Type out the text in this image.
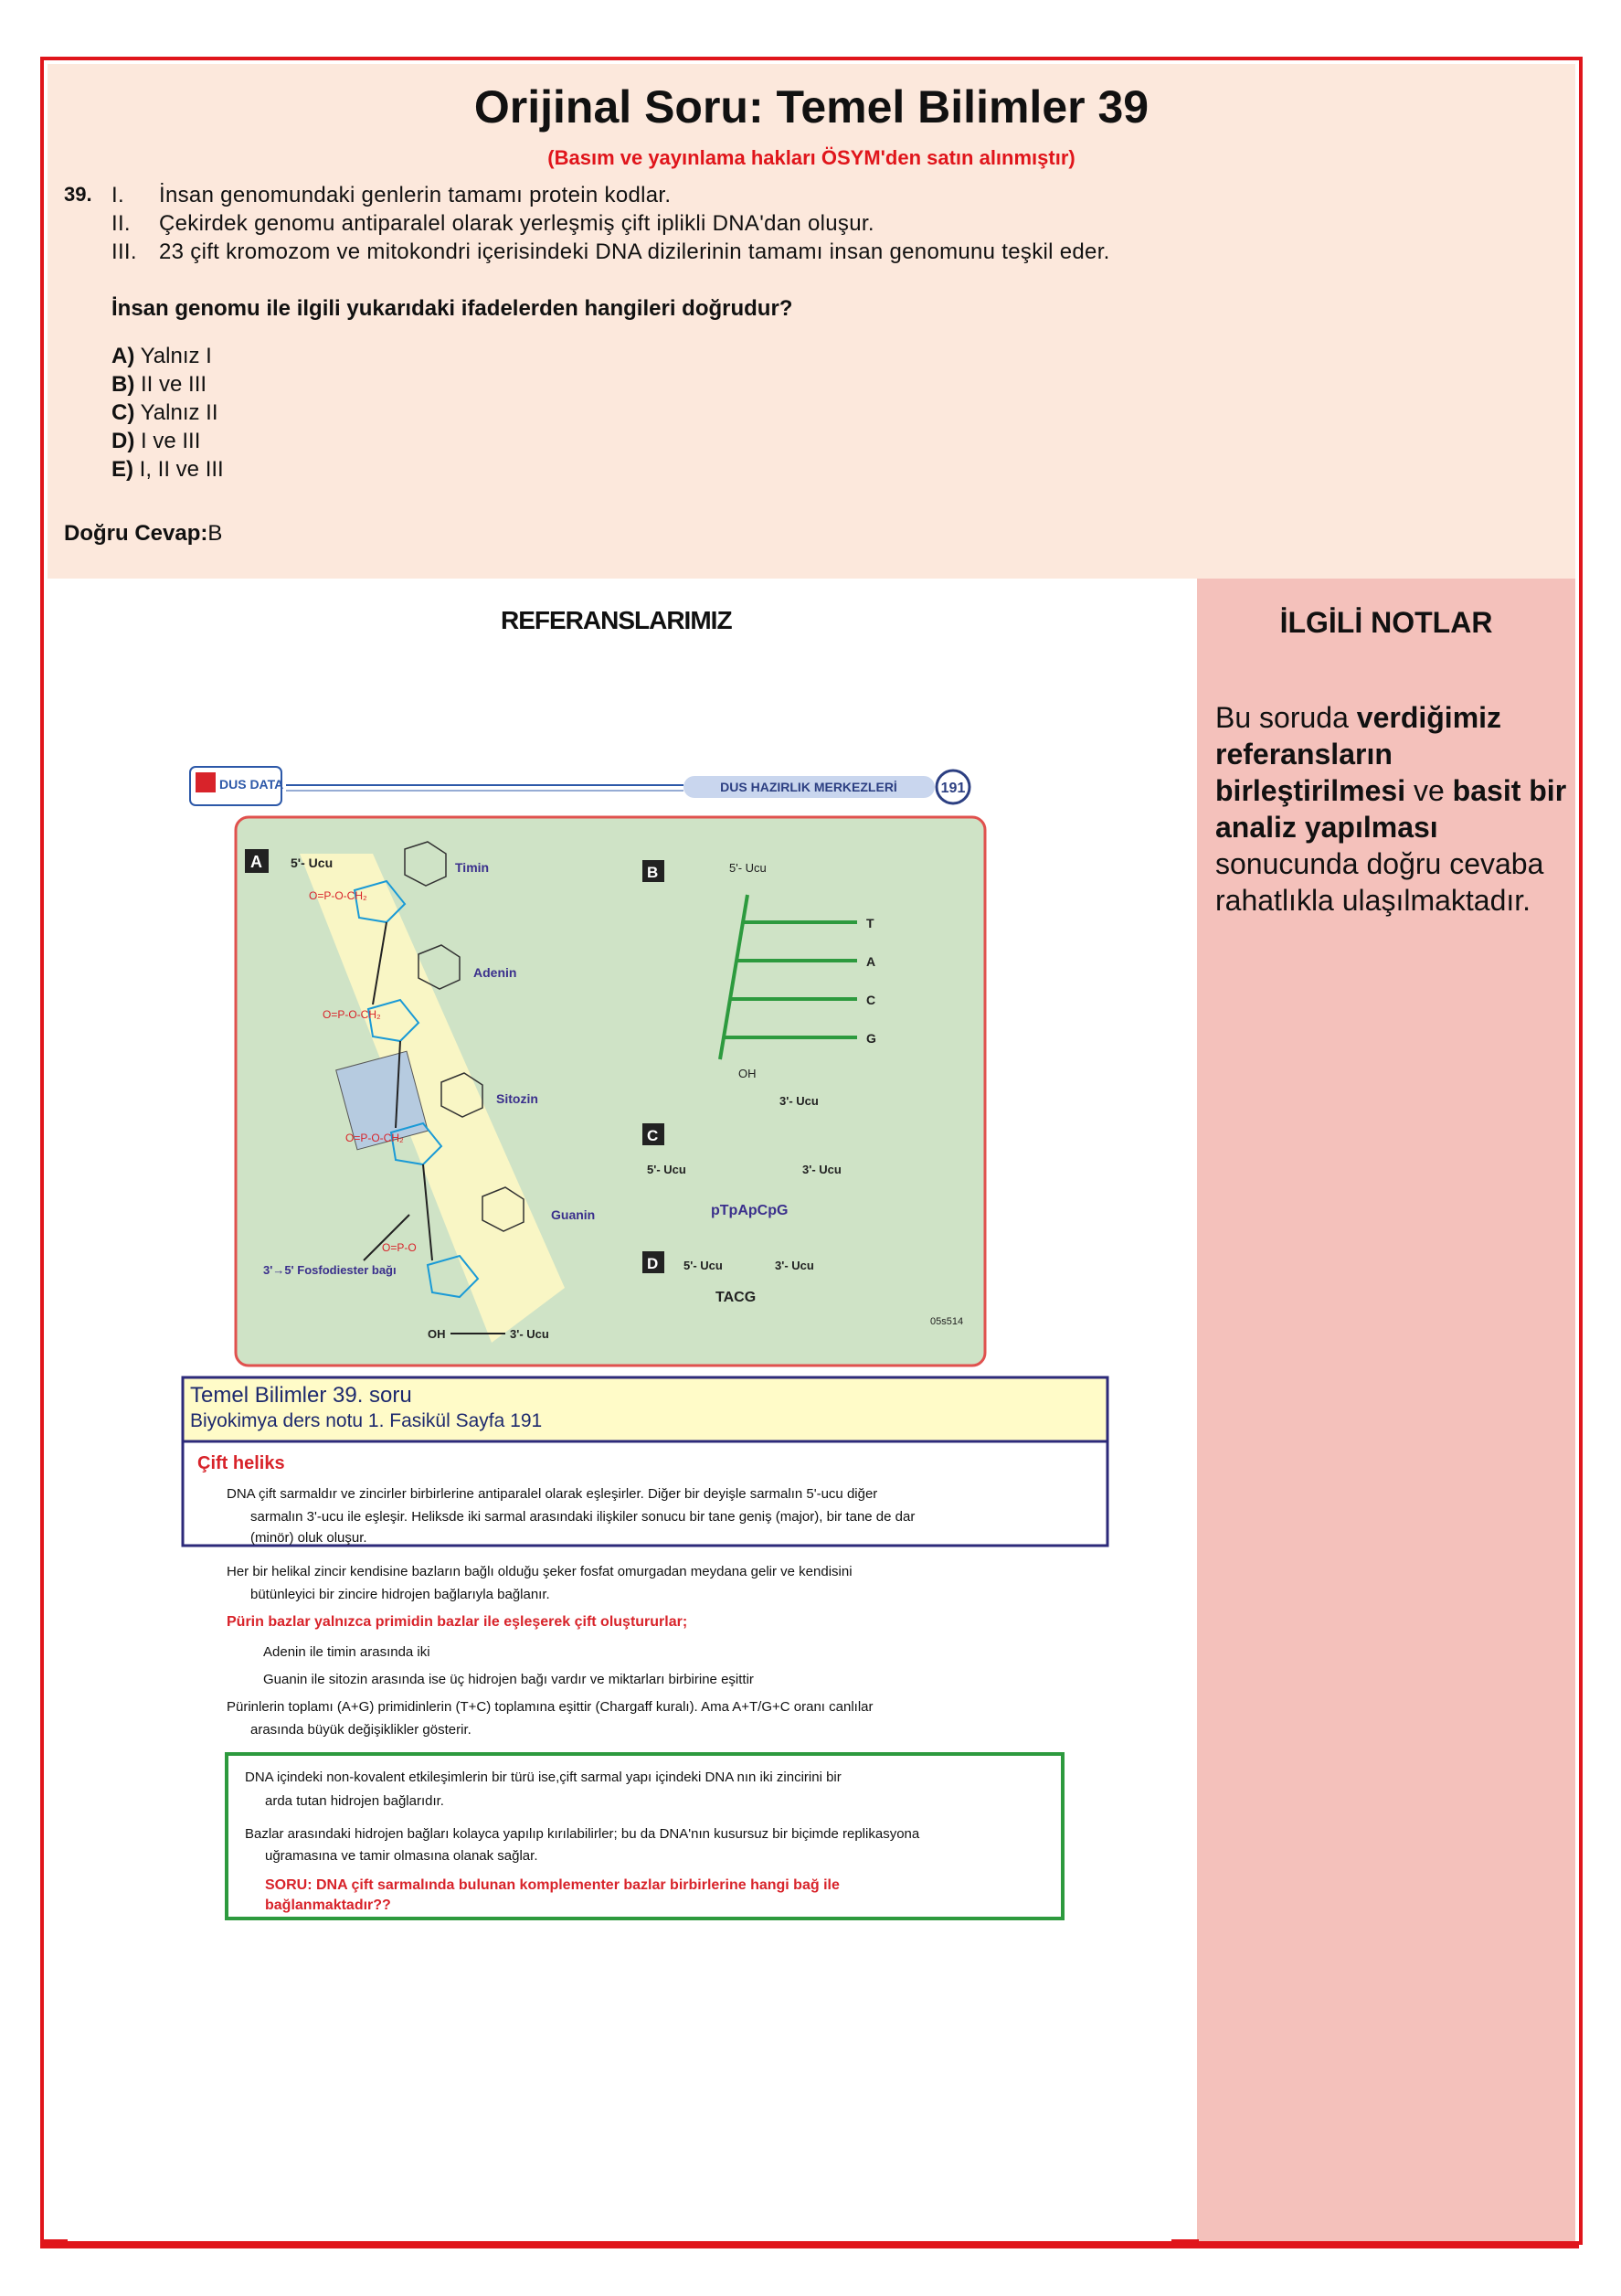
Orijinal Soru: Temel Bilimler 39
(Basım ve yayınlama hakları ÖSYM'den satın alınmıştır)
39. I. İnsan genomundaki genlerin tamamı protein kodlar.
II. Çekirdek genomu antiparalel olarak yerleşmiş çift iplikli DNA'dan oluşur.
III. 23 çift kromozom ve mitokondri içerisindeki DNA dizilerinin tamamı insan genomunu teşkil eder.
İnsan genomu ile ilgili yukarıdaki ifadelerden hangileri doğrudur?
A) Yalnız I
B) II ve III
C) Yalnız II
D) I ve III
E) I, II ve III
Doğru Cevap:B
REFERANSLARIMIZ
DUS DATA	DUS HAZIRLIK MERKEZLERİ	191
A 5'- Ucu
O=P-O-CH₂
O=P-O-CH₂
O=P-O-CH₂
O=P-O
Timin
Adenin
Sitozin
Guanin
3'→5' Fosfodiester bağı
OH	3'- Ucu
B	5'- Ucu
T
A
C
G
OH
3'- Ucu
C
5'- Ucu	3'- Ucu
pTpApCpG
D 5'- Ucu	3'- Ucu
TACG
05s514
Temel Bilimler 39. soru
Biyokimya ders notu 1. Fasikül Sayfa 191
Çift heliks
DNA çift sarmaldır ve zincirler birbirlerine antiparalel olarak eşleşirler. Diğer bir deyişle sarmalın 5'-ucu diğer
sarmalın 3'-ucu ile eşleşir. Heliksde iki sarmal arasındaki ilişkiler sonucu bir tane geniş (major), bir tane de dar
(minör) oluk oluşur.
Her bir helikal zincir kendisine bazların bağlı olduğu şeker fosfat omurgadan meydana gelir ve kendisini
bütünleyici bir zincire hidrojen bağlarıyla bağlanır.
Pürin bazlar yalnızca primidin bazlar ile eşleşerek çift oluştururlar;
Adenin ile timin arasında iki
Guanin ile sitozin arasında ise üç hidrojen bağı vardır ve miktarları birbirine eşittir
Pürinlerin toplamı (A+G) primidinlerin (T+C) toplamına eşittir (Chargaff kuralı). Ama A+T/G+C oranı canlılar
arasında büyük değişiklikler gösterir.
DNA içindeki non-kovalent etkileşimlerin bir türü ise,çift sarmal yapı içindeki DNA nın iki zincirini bir
arda tutan hidrojen bağlarıdır.
Bazlar arasındaki hidrojen bağları kolayca yapılıp kırılabilirler; bu da DNA'nın kusursuz bir biçimde replikasyona
uğramasına ve tamir olmasına olanak sağlar.
SORU: DNA çift sarmalında bulunan komplementer bazlar birbirlerine hangi bağ ile
bağlanmaktadır??
İLGİLİ NOTLAR
Bu soruda verdiğimiz referansların birleştirilmesi ve basit bir analiz yapılması sonucunda doğru cevaba rahatlıkla ulaşılmaktadır.
